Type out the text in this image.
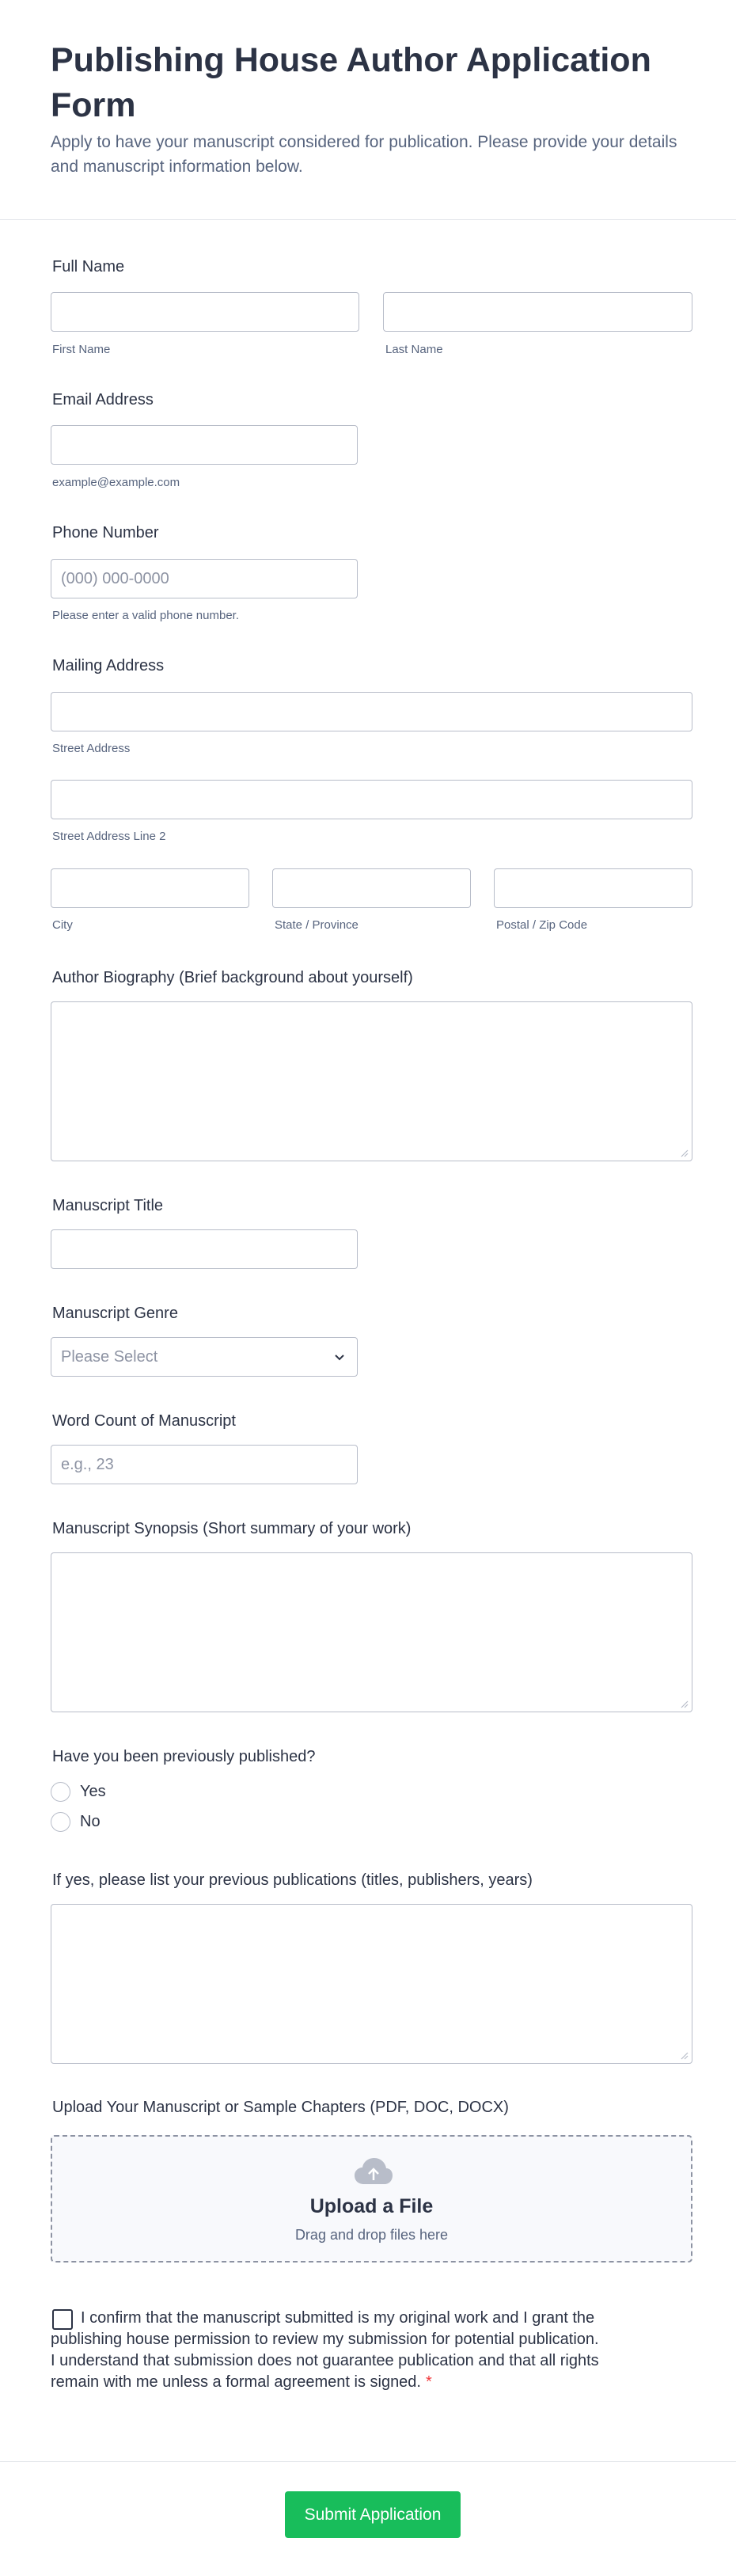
Publishing House Author Application Form

Apply to have your manuscript considered for publication. Please provide your details and manuscript information below.

Full Name
First Name	Last Name
Email Address
example@example.com
Phone Number
(000) 000-0000
Please enter a valid phone number.
Mailing Address
Street Address
Street Address Line 2
City	State / Province	Postal / Zip Code
Author Biography (Brief background about yourself)
Manuscript Title
Manuscript Genre
Please Select
Word Count of Manuscript
e.g., 23
Manuscript Synopsis (Short summary of your work)
Have you been previously published?
Yes
No
If yes, please list your previous publications (titles, publishers, years)
Upload Your Manuscript or Sample Chapters (PDF, DOC, DOCX)
Upload a File
Drag and drop files here
I confirm that the manuscript submitted is my original work and I grant the publishing house permission to review my submission for potential publication. I understand that submission does not guarantee publication and that all rights remain with me unless a formal agreement is signed. *
Submit Application
